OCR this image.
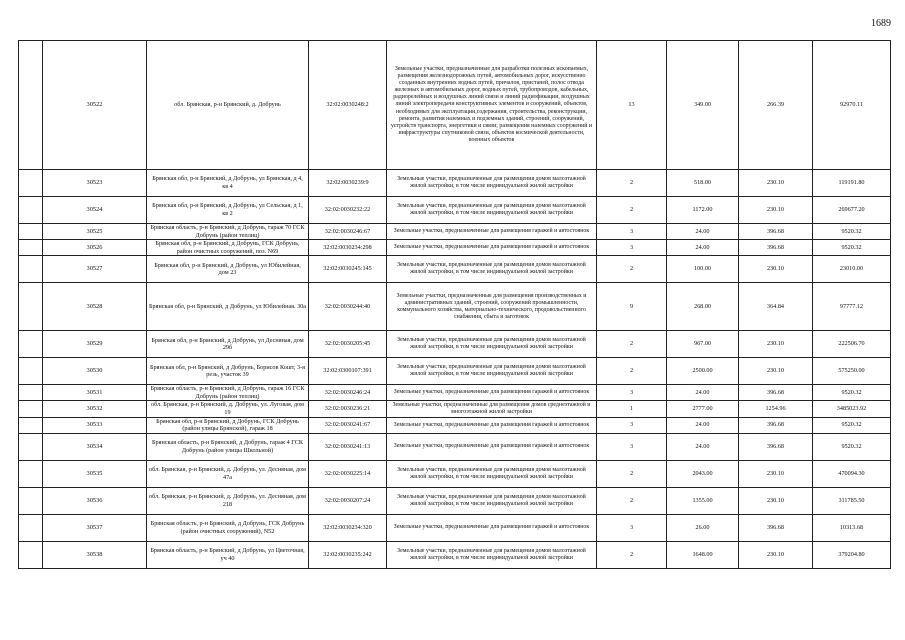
1689
	30522	обл. Брянская, р-н Брянский, д. Добрунь	32:02:0030248:2	Земельные участки, предназначенные для разработки полезных ископаемых, размещения железнодорожных путей, автомобильных дорог, искусственно созданных внутренних водных путей, причалов, пристаней, полос отвода железных и автомобильных дорог, водных путей, трубопроводов, кабельных, радиорелейных и воздушных линий связи и линий радиофикации, воздушных линий электропередачи конструктивных элементов и сооружений, объектов, необходимых для эксплуатации,содержания, строительства, реконструкции, ремонта, развития наземных и подземных зданий, строений, сооружений, устройств транспорта, энергетики и связи; размещения наземных сооружений и инфраструктуры спутниковой связи, объектов космической деятельности, военных объектов	13	349.00	266.39	92970.11
	30523	Брянская обл, р-н Брянский, д Добрунь, ул Брянская, д 4, кв 4	32:02:0030239:9	Земельные участки, предназначенные для размещения домов малоэтажной жилой застройки, в том числе индивидуальной жилой застройки	2	518.00	230.10	119191.80
	30524	Брянская обл, р-н Брянский, д Добрунь, ул Сельская, д 1, кв 2	32:02:0030232:22	Земельные участки, предназначенные для размещения домов малоэтажной жилой застройки, в том числе индивидуальной жилой застройки	2	1172.00	230.10	269677.20
	30525	Брянская область, р-н Брянский, д Добрунь, гараж 70 ГСК Добрунь (район теплиц)	32:02:0030246:67	Земельные участки, предназначенные для размещения гаражей и автостоянок	3	24.00	396.68	9520.32
	30526	Брянская обл, р-н Брянский, д Добрунь, ГСК Добрунь, район очистных сооружений, поз. N69	32:02:0030234:298	Земельные участки, предназначенные для размещения гаражей и автостоянок	3	24.00	396.68	9520.32
	30527	Брянская обл, р-н Брянский, д Добрунь, ул Юбилейная, дом 23	32:02:0030245:145	Земельные участки, предназначенные для размещения домов малоэтажной жилой застройки, в том числе индивидуальной жилой застройки	2	100.00	230.10	23010.00
	30528	Брянская обл, р-н Брянский, д Добрунь, ул Юбилейная. 30а	32:02:0030244:40	Земельные участки, предназначенные для размещения производственных и административных зданий, строений, сооружений промышленности, коммунального хозяйства, материально-технического, продовольственного снабжения, сбыта и заготовок	9	268.00	364.84	97777.12
	30529	Брянская обл, р-н Брянский, д Добрунь, ул Десняная, дом 29б	32:02:0030205:45	Земельные участки, предназначенные для размещения домов малоэтажной жилой застройки, в том числе индивидуальной жилой застройки	2	967.00	230.10	222506.70
	30530	Брянская обл, р-н Брянский, д Добрунь, Борисов Кошт, 3-я резь, участок 39	32:02:0300107:391	Земельные участки, предназначенные для размещения домов малоэтажной жилой застройки, в том числе индивидуальной жилой застройки	2	2500.00	230.10	575250.00
	30531	Брянская область, р-н Брянский, д Добрунь, гараж 16 ГСК Добрунь (район теплиц)	32:02:0030246:24	Земельные участки, предназначенные для размещения гаражей и автостоянок	3	24.00	396.68	9520.32
	30532	обл. Брянская, р-н Брянский, д. Добрунь, ул. Луговая, дом 19	32:02:0030236:21	Земельные участки, предназначенные для размещения домов среднеэтажной и многоэтажной жилой застройки	1	2777.00	1254.96	3485023.92
	30533	Брянская обл, р-н Брянский, д Добрунь, ГСК Добрунь (район улицы Брянской), гараж 18	32:02:0030241:67	Земельные участки, предназначенные для размещения гаражей и автостоянок	3	24.00	396.68	9520.32
	30534	Брянская область, р-н Брянский, д Добрунь, гараж 4 ГСК Добрунь (район улицы Школьной)	32:02:0030241:13	Земельные участки, предназначенные для размещения гаражей и автостоянок	3	24.00	396.68	9520.32
	30535	обл. Брянская, р-н Брянский, д. Добрунь, ул. Десняная, дом 47а	32:02:0030225:14	Земельные участки, предназначенные для размещения домов малоэтажной жилой застройки, в том числе индивидуальной жилой застройки	2	2043.00	230.10	470094.30
	30536	обл. Брянская, р-н Брянский, д. Добрунь, ул. Десняная, дом 218	32:02:0030207:24	Земельные участки, предназначенные для размещения домов малоэтажной жилой застройки, в том числе индивидуальной жилой застройки	2	1355.00	230.10	311785.50
	30537	Брянская область, р-н Брянский, д Добрунь, ГСК Добрунь (район очистных сооружений), N52	32:02:0030234:320	Земельные участки, предназначенные для размещения гаражей и автостоянок	3	26.00	396.68	10313.68
	30538	Брянская область, р-н Брянский, д Добрунь, ул Цветочная, уч 40	32:02:0030235:242	Земельные участки, предназначенные для размещения домов малоэтажной жилой застройки, в том числе индивидуальной жилой застройки	2	1648.00	230.10	379204.80
